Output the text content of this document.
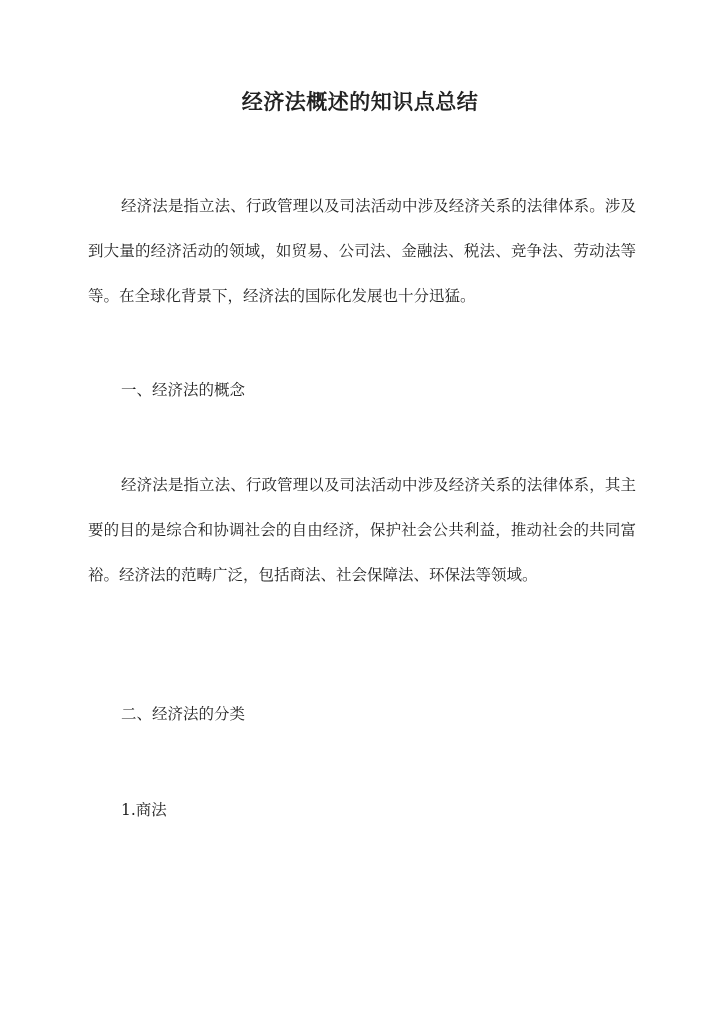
经济法概述的知识点总结
经济法是指立法、行政管理以及司法活动中涉及经济关系的法律体系。涉及到大量的经济活动的领域，如贸易、公司法、金融法、税法、竞争法、劳动法等等。在全球化背景下，经济法的国际化发展也十分迅猛。
一、经济法的概念
经济法是指立法、行政管理以及司法活动中涉及经济关系的法律体系，其主要的目的是综合和协调社会的自由经济，保护社会公共利益，推动社会的共同富裕。经济法的范畴广泛，包括商法、社会保障法、环保法等领域。
二、经济法的分类
1.商法
